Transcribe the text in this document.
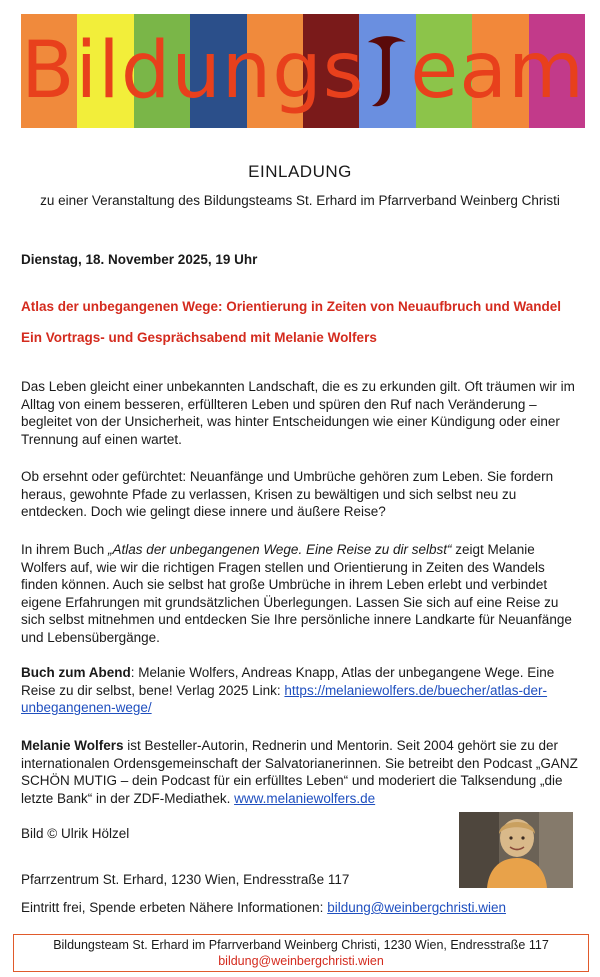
Bildungs eam
EINLADUNG
zu einer Veranstaltung des Bildungsteams St. Erhard im Pfarrverband Weinberg Christi
Dienstag, 18. November 2025, 19 Uhr
Atlas der unbegangenen Wege: Orientierung in Zeiten von Neuaufbruch und Wandel
Ein Vortrags- und Gesprächsabend mit Melanie Wolfers

Das Leben gleicht einer unbekannten Landschaft, die es zu erkunden gilt. Oft träumen wir im Alltag von einem besseren, erfüllteren Leben und spüren den Ruf nach Veränderung – begleitet von der Unsicherheit, was hinter Entscheidungen wie einer Kündigung oder einer Trennung auf einen wartet.

Ob ersehnt oder gefürchtet: Neuanfänge und Umbrüche gehören zum Leben. Sie fordern heraus, gewohnte Pfade zu verlassen, Krisen zu bewältigen und sich selbst neu zu entdecken. Doch wie gelingt diese innere und äußere Reise?

In ihrem Buch „Atlas der unbegangenen Wege. Eine Reise zu dir selbst“ zeigt Melanie Wolfers auf, wie wir die richtigen Fragen stellen und Orientierung in Zeiten des Wandels finden können. Auch sie selbst hat große Umbrüche in ihrem Leben erlebt und verbindet eigene Erfahrungen mit grundsätzlichen Überlegungen. Lassen Sie sich auf eine Reise zu sich selbst mitnehmen und entdecken Sie Ihre persönliche innere Landkarte für Neuanfänge und Lebensübergänge.

Buch zum Abend: Melanie Wolfers, Andreas Knapp, Atlas der unbegangene Wege. Eine Reise zu dir selbst, bene! Verlag 2025 Link: https://melaniewolfers.de/buecher/atlas-der-unbegangenen-wege/

Melanie Wolfers ist Besteller-Autorin, Rednerin und Mentorin. Seit 2004 gehört sie zu der internationalen Ordensgemeinschaft der Salvatorianerinnen. Sie betreibt den Podcast „GANZ SCHÖN MUTIG – dein Podcast für ein erfülltes Leben“ und moderiert die Talksendung „die letzte Bank“ in der ZDF-Mediathek. www.melaniewolfers.de

Bild © Ulrik Hölzel
Pfarrzentrum St. Erhard, 1230 Wien, Endresstraße 117
Eintritt frei, Spende erbeten Nähere Informationen: bildung@weinbergchristi.wien
Bildungsteam St. Erhard im Pfarrverband Weinberg Christi, 1230 Wien, Endresstraße 117
bildung@weinbergchristi.wien
